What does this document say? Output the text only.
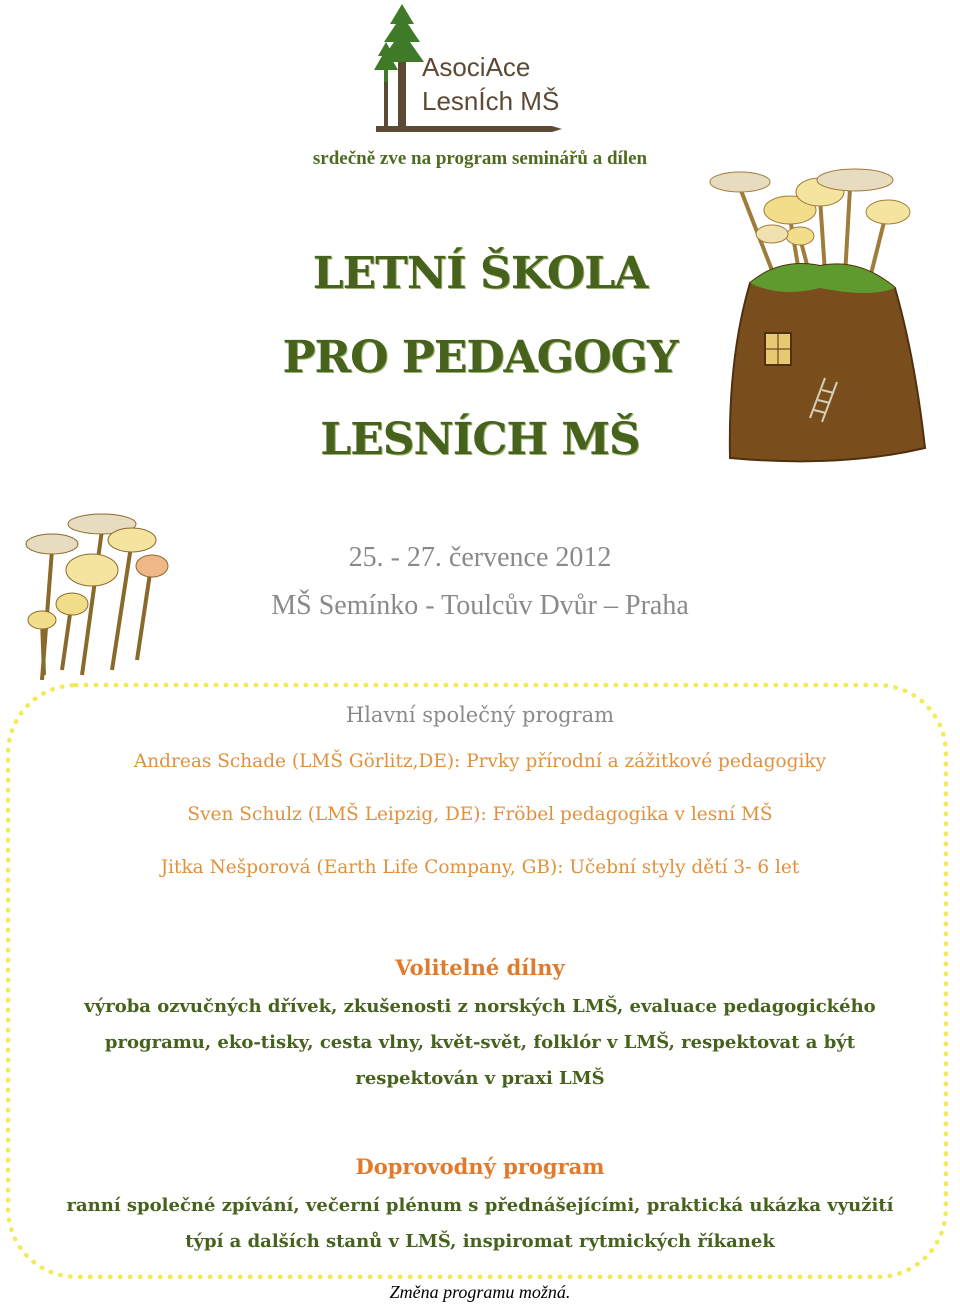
AsociAce
LesnÍch MŠ
srdečně zve na program seminářů a dílen
LETNÍ ŠKOLA
PRO PEDAGOGY
LESNÍCH MŠ
25. - 27. července 2012
MŠ Semínko - Toulcův Dvůr – Praha
Hlavní společný program
Andreas Schade (LMŠ Görlitz,DE): Prvky přírodní a zážitkové pedagogiky
Sven Schulz (LMŠ Leipzig, DE): Fröbel pedagogika v lesní MŠ
Jitka Nešporová (Earth Life Company, GB): Učební styly dětí 3- 6 let
Volitelné dílny
výroba ozvučných dřívek, zkušenosti z norských LMŠ, evaluace pedagogického
programu, eko-tisky, cesta vlny, květ-svět, folklór v LMŠ, respektovat a být
respektován v praxi LMŠ
Doprovodný program
ranní společné zpívání, večerní plénum s přednášejícími, praktická ukázka využití
týpí a dalších stanů v LMŠ, inspiromat rytmických říkanek
Změna programu možná.
